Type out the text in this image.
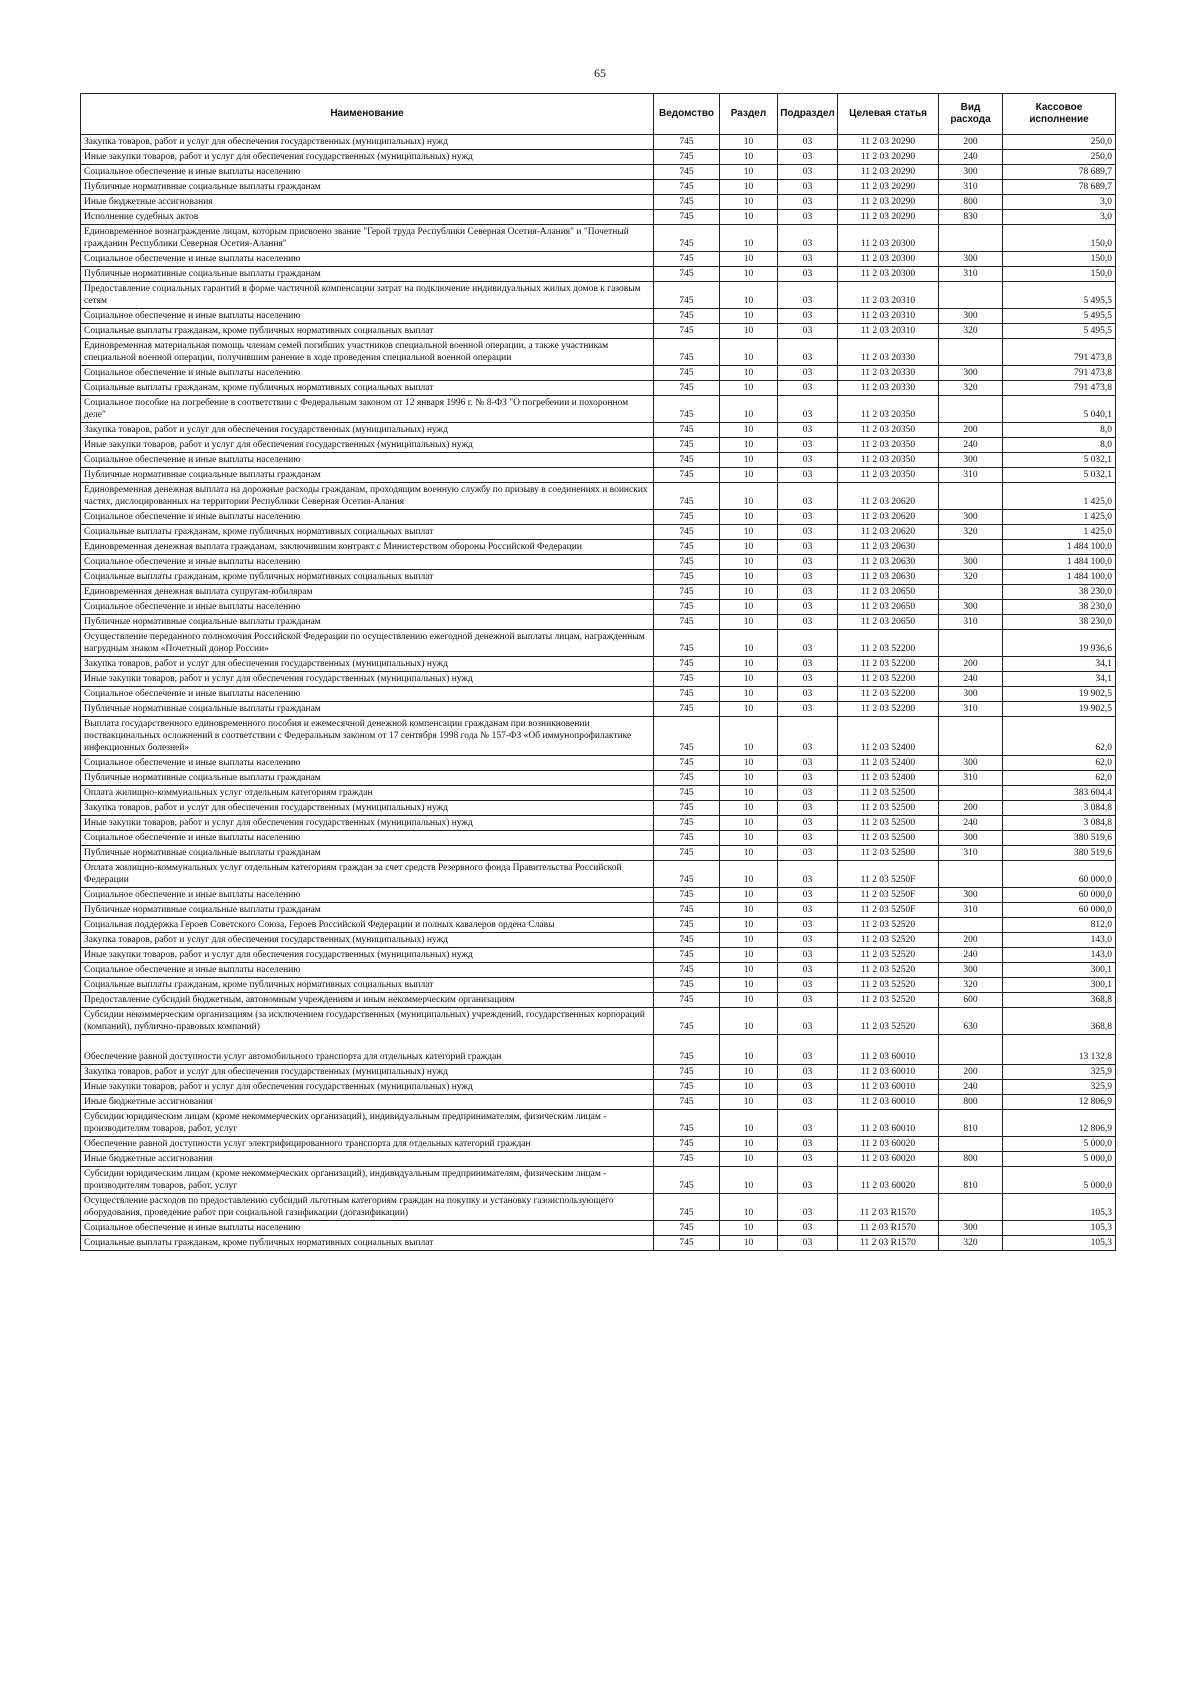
65
Наименование	Ведомство	Раздел	Подраздел	Целевая статья	Вид расхода	Кассовое исполнение
Закупка товаров, работ и услуг для обеспечения государственных (муниципальных) нужд	745	10	03	11 2 03 20290	200	250,0
Иные закупки товаров, работ и услуг для обеспечения государственных (муниципальных) нужд	745	10	03	11 2 03 20290	240	250,0
Социальное обеспечение и иные выплаты населению	745	10	03	11 2 03 20290	300	78 689,7
Публичные нормативные социальные выплаты гражданам	745	10	03	11 2 03 20290	310	78 689,7
Иные бюджетные ассигнования	745	10	03	11 2 03 20290	800	3,0
Исполнение судебных актов	745	10	03	11 2 03 20290	830	3,0
Единовременное вознаграждение лицам, которым присвоено звание "Герой труда Республики Северная Осетия-Алания" и "Почетный гражданин Республики Северная Осетия-Алания"	745	10	03	11 2 03 20300		150,0
Социальное обеспечение и иные выплаты населению	745	10	03	11 2 03 20300	300	150,0
Публичные нормативные социальные выплаты гражданам	745	10	03	11 2 03 20300	310	150,0
Предоставление социальных гарантий в форме частичной компенсации затрат на подключение индивидуальных жилых домов к газовым сетям	745	10	03	11 2 03 20310		5 495,5
Социальное обеспечение и иные выплаты населению	745	10	03	11 2 03 20310	300	5 495,5
Социальные выплаты гражданам, кроме публичных нормативных социальных выплат	745	10	03	11 2 03 20310	320	5 495,5
Единовременная материальная помощь членам семей погибших участников специальной военной операции, а также участникам специальной военной операции, получившим ранение в ходе проведения специальной военной операции	745	10	03	11 2 03 20330		791 473,8
Социальное обеспечение и иные выплаты населению	745	10	03	11 2 03 20330	300	791 473,8
Социальные выплаты гражданам, кроме публичных нормативных социальных выплат	745	10	03	11 2 03 20330	320	791 473,8
Социальное пособие на погребение в соответствии с Федеральным законом от 12 января 1996 г. № 8-ФЗ "О погребении и похоронном деле"	745	10	03	11 2 03 20350		5 040,1
Закупка товаров, работ и услуг для обеспечения государственных (муниципальных) нужд	745	10	03	11 2 03 20350	200	8,0
Иные закупки товаров, работ и услуг для обеспечения государственных (муниципальных) нужд	745	10	03	11 2 03 20350	240	8,0
Социальное обеспечение и иные выплаты населению	745	10	03	11 2 03 20350	300	5 032,1
Публичные нормативные социальные выплаты гражданам	745	10	03	11 2 03 20350	310	5 032,1
Единовременная денежная выплата на дорожные расходы гражданам, проходящим военную службу по призыву в соединениях и воинских частях, дислоцированных на территории Республики Северная Осетия-Алания	745	10	03	11 2 03 20620		1 425,0
Социальное обеспечение и иные выплаты населению	745	10	03	11 2 03 20620	300	1 425,0
Социальные выплаты гражданам, кроме публичных нормативных социальных выплат	745	10	03	11 2 03 20620	320	1 425,0
Единовременная денежная выплата гражданам, заключившим контракт с Министерством обороны Российской Федерации	745	10	03	11 2 03 20630		1 484 100,0
Социальное обеспечение и иные выплаты населению	745	10	03	11 2 03 20630	300	1 484 100,0
Социальные выплаты гражданам, кроме публичных нормативных социальных выплат	745	10	03	11 2 03 20630	320	1 484 100,0
Единовременная денежная выплата супругам-юбилярам	745	10	03	11 2 03 20650		38 230,0
Социальное обеспечение и иные выплаты населению	745	10	03	11 2 03 20650	300	38 230,0
Публичные нормативные социальные выплаты гражданам	745	10	03	11 2 03 20650	310	38 230,0
Осуществление переданного полномочия Российской Федерации по осуществлению ежегодной денежной выплаты лицам, награжденным нагрудным знаком «Почетный донор России»	745	10	03	11 2 03 52200		19 936,6
Закупка товаров, работ и услуг для обеспечения государственных (муниципальных) нужд	745	10	03	11 2 03 52200	200	34,1
Иные закупки товаров, работ и услуг для обеспечения государственных (муниципальных) нужд	745	10	03	11 2 03 52200	240	34,1
Социальное обеспечение и иные выплаты населению	745	10	03	11 2 03 52200	300	19 902,5
Публичные нормативные социальные выплаты гражданам	745	10	03	11 2 03 52200	310	19 902,5
Выплата государственного единовременного пособия и ежемесячной денежной компенсации гражданам при возникновении поствакцинальных осложнений в соответствии с Федеральным законом от 17 сентября 1998 года № 157-ФЗ «Об иммунопрофилактике инфекционных болезней»	745	10	03	11 2 03 52400		62,0
Социальное обеспечение и иные выплаты населению	745	10	03	11 2 03 52400	300	62,0
Публичные нормативные социальные выплаты гражданам	745	10	03	11 2 03 52400	310	62,0
Оплата жилищно-коммунальных услуг отдельным категориям граждан	745	10	03	11 2 03 52500		383 604,4
Закупка товаров, работ и услуг для обеспечения государственных (муниципальных) нужд	745	10	03	11 2 03 52500	200	3 084,8
Иные закупки товаров, работ и услуг для обеспечения государственных (муниципальных) нужд	745	10	03	11 2 03 52500	240	3 084,8
Социальное обеспечение и иные выплаты населению	745	10	03	11 2 03 52500	300	380 519,6
Публичные нормативные социальные выплаты гражданам	745	10	03	11 2 03 52500	310	380 519,6
Оплата жилищно-коммунальных услуг отдельным категориям граждан за счет средств Резервного фонда Правительства Российской Федерации	745	10	03	11 2 03 5250F		60 000,0
Социальное обеспечение и иные выплаты населению	745	10	03	11 2 03 5250F	300	60 000,0
Публичные нормативные социальные выплаты гражданам	745	10	03	11 2 03 5250F	310	60 000,0
Социальная поддержка Героев Советского Союза, Героев Российской Федерации и полных кавалеров ордена Славы	745	10	03	11 2 03 52520		812,0
Закупка товаров, работ и услуг для обеспечения государственных (муниципальных) нужд	745	10	03	11 2 03 52520	200	143,0
Иные закупки товаров, работ и услуг для обеспечения государственных (муниципальных) нужд	745	10	03	11 2 03 52520	240	143,0
Социальное обеспечение и иные выплаты населению	745	10	03	11 2 03 52520	300	300,1
Социальные выплаты гражданам, кроме публичных нормативных социальных выплат	745	10	03	11 2 03 52520	320	300,1
Предоставление субсидий бюджетным, автономным учреждениям и иным некоммерческим организациям	745	10	03	11 2 03 52520	600	368,8
Субсидии некоммерческим организациям (за исключением государственных (муниципальных) учреждений, государственных корпораций (компаний), публично-правовых компаний)	745	10	03	11 2 03 52520	630	368,8
Обеспечение равной доступности услуг автомобильного транспорта для отдельных категорий граждан	745	10	03	11 2 03 60010		13 132,8
Закупка товаров, работ и услуг для обеспечения государственных (муниципальных) нужд	745	10	03	11 2 03 60010	200	325,9
Иные закупки товаров, работ и услуг для обеспечения государственных (муниципальных) нужд	745	10	03	11 2 03 60010	240	325,9
Иные бюджетные ассигнования	745	10	03	11 2 03 60010	800	12 806,9
Субсидии юридическим лицам (кроме некоммерческих организаций), индивидуальным предпринимателям, физическим лицам - производителям товаров, работ, услуг	745	10	03	11 2 03 60010	810	12 806,9
Обеспечение равной доступности услуг электрифицированного транспорта для отдельных категорий граждан	745	10	03	11 2 03 60020		5 000,0
Иные бюджетные ассигнования	745	10	03	11 2 03 60020	800	5 000,0
Субсидии юридическим лицам (кроме некоммерческих организаций), индивидуальным предпринимателям, физическим лицам - производителям товаров, работ, услуг	745	10	03	11 2 03 60020	810	5 000,0
Осуществление расходов по предоставлению субсидий льготным категориям граждан на покупку и установку газоиспользующего оборудования, проведение работ при социальной газификации (догазификации)	745	10	03	11 2 03 R1570		105,3
Социальное обеспечение и иные выплаты населению	745	10	03	11 2 03 R1570	300	105,3
Социальные выплаты гражданам, кроме публичных нормативных социальных выплат	745	10	03	11 2 03 R1570	320	105,3
